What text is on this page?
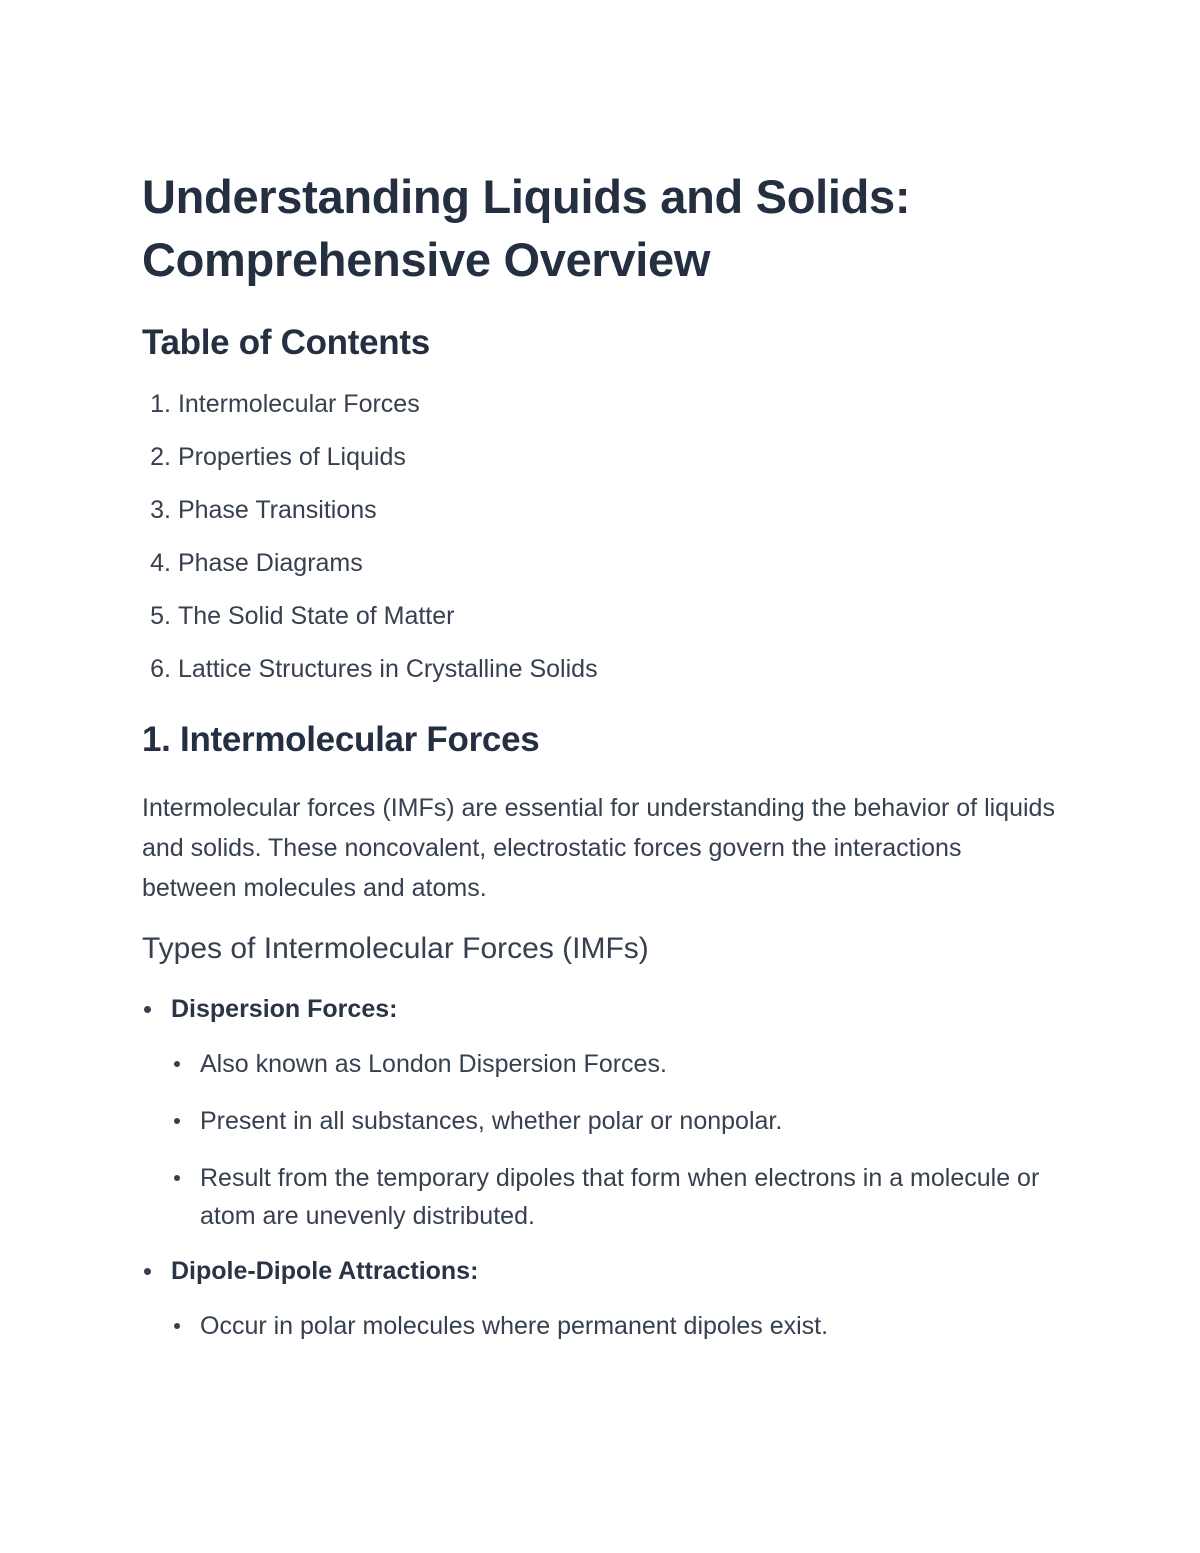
Understanding Liquids and Solids:
Comprehensive Overview
Table of Contents
1.
Intermolecular Forces
2.
Properties of Liquids
3.
Phase Transitions
4.
Phase Diagrams
5.
The Solid State of Matter
6.
Lattice Structures in Crystalline Solids
1. Intermolecular Forces

Intermolecular forces (IMFs) are essential for understanding the behavior of liquids and solids. These noncovalent, electrostatic forces govern the interactions between molecules and atoms.

Types of Intermolecular Forces (IMFs)
Dispersion Forces:
Also known as London Dispersion Forces.
Present in all substances, whether polar or nonpolar.
Result from the temporary dipoles that form when electrons in a molecule or atom are unevenly distributed.
Dipole-Dipole Attractions:
Occur in polar molecules where permanent dipoles exist.
